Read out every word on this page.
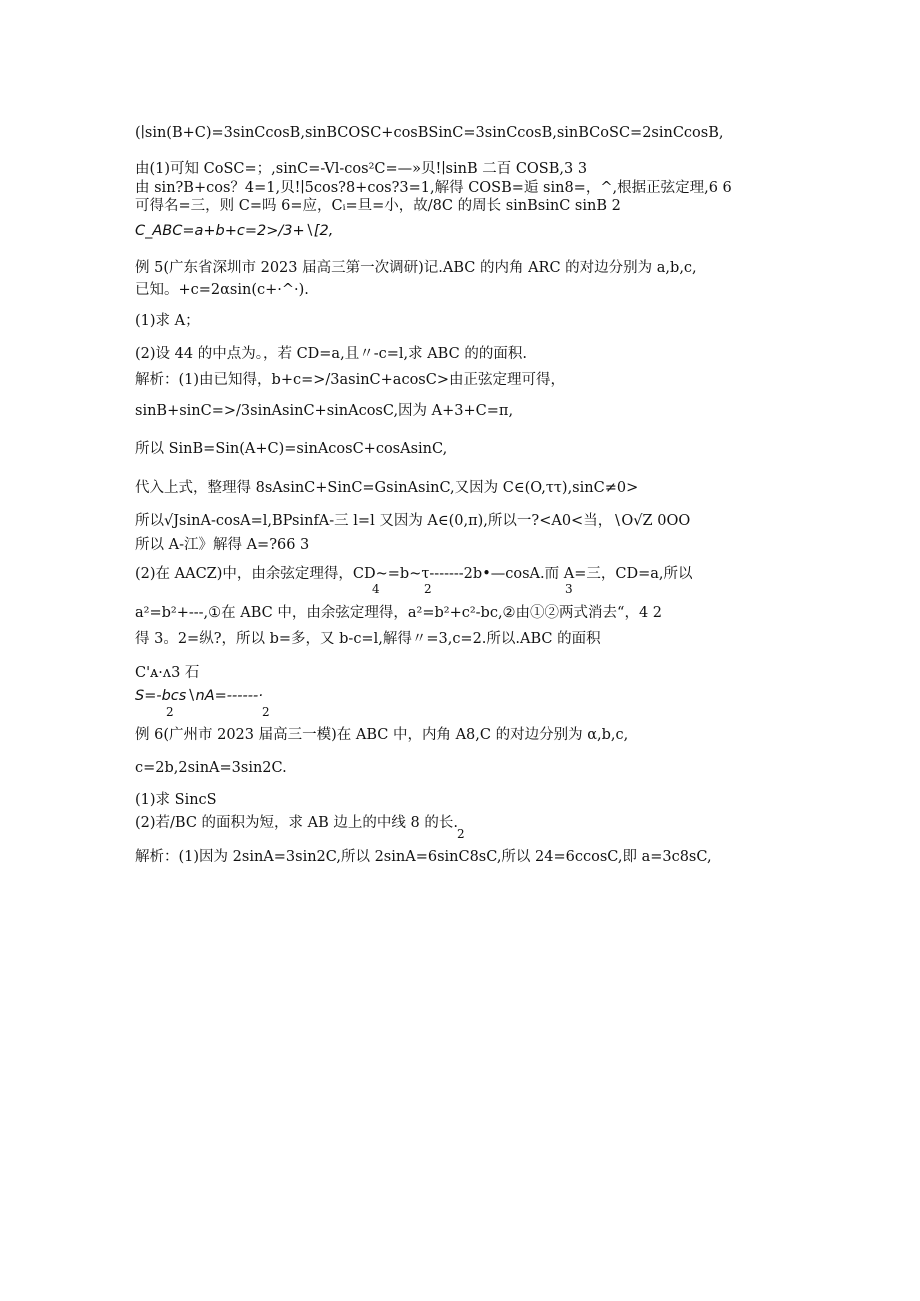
(∣sin(B+C)=3sinCcosB,sinBCOSC+cosBSinC=3sinCcosB,sinBCoSC=2sinCcosB,
由(1)可知 CoSC=；,sinC=-Vl-cos²C=—»贝!∣sinB 二百 COSB,3 3
由 sin?B+cos？4=1,贝!∣5cos?8+cos?3=1,解得 COSB=逅 sin8=，^,根据正弦定理,6 6
可得名=三，则 C=吗 6=应，Cᵢ=旦=小，故/8C 的周长 sinBsinC sinB 2
C_ABC=a+b+c=2>/3+∖[2,
例 5(广东省深圳市 2023 届高三第一次调研)记.ABC 的内角 ARC 的对边分别为 a,b,c,
已知。+c=2αsin(c+·^·).
(1)求 A；
(2)设 44 的中点为。，若 CD=a,且〃-c=l,求 ABC 的的面积.
解析：(1)由已知得，b+c=>/3asinC+acosC>由正弦定理可得，
sinB+sinC=>/3sinAsinC+sinAcosC,因为 A+3+C=π,
所以 SinB=Sin(A+C)=sinAcosC+cosAsinC,
代入上式，整理得 8sAsinC+SinC=GsinAsinC,又因为 C∈(O,ττ),sinC≠0>
所以√JsinA-cosA=l,BPsinfA-三 l=l 又因为 A∈(0,π),所以一?<A0<当，∖O√Z 0OO
所以 A-江》解得 A=?66 3
(2)在 AACZ)中，由余弦定理得，CD~=b~τ-------2b•—cosA.而 A=三，CD=a,所以
4	2	3
a²=b²+---,①在 ABC 中，由余弦定理得，a²=b²+c²-bc,②由①②两式消去“，4 2
得 3。2=纵?，所以 b=多，又 b-c=l,解得〃=3,c=2.所以.ABC 的面积
C'ᴀ·ᴧ3 石
S=-bcs∖nA=------·
2	2
例 6(广州市 2023 届高三一模)在 ABC 中，内角 A8,C 的对边分别为 α,b,c,
c=2b,2sinA=3sin2C.
(1)求 SincS
(2)若/BC 的面积为短，求 AB 边上的中线 8 的长.
2
解析：(1)因为 2sinA=3sin2C,所以 2sinA=6sinC8sC,所以 24=6ccosC,即 a=3c8sC,
